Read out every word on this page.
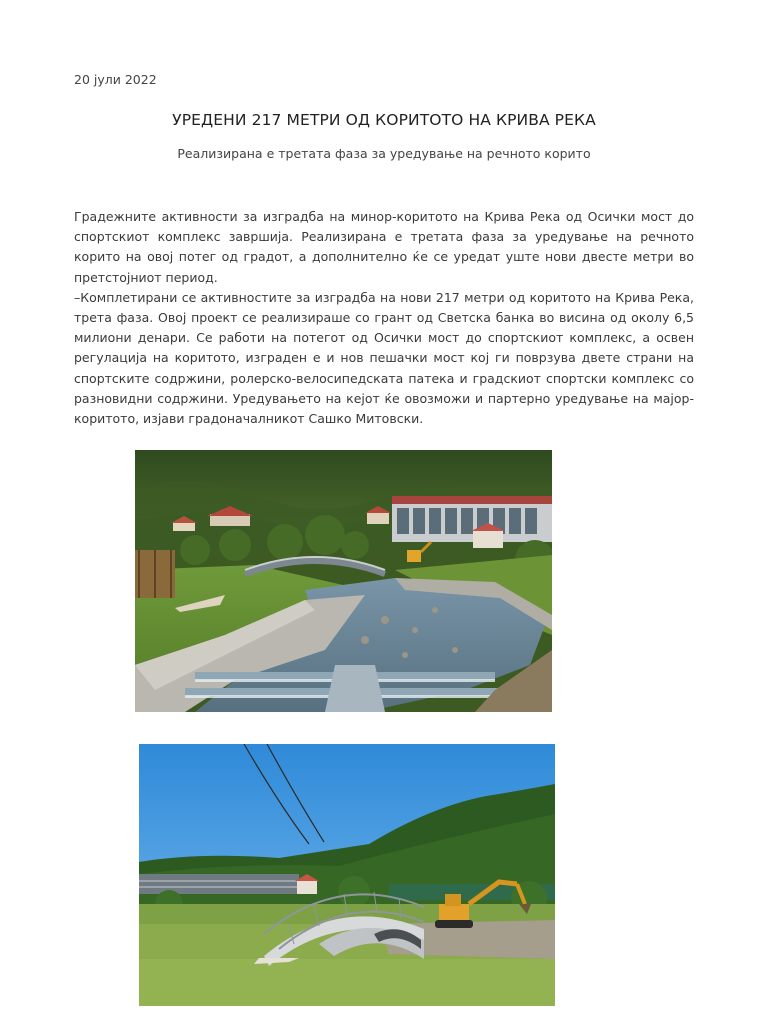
20 јули 2022
УРЕДЕНИ 217 МЕТРИ ОД КОРИТОТО НА КРИВА РЕКА
Реализирана е третата фаза за уредување на речното корито

Градежните активности за изградба на минор-коритото на Крива Река од Осички мост до спортскиот комплекс завршија. Реализирана е третата фаза за уредување на речното корито на овој потег од градот, а дополнително ќе се уредат уште нови двесте метри во претстојниот период.

–Комплетирани се активностите за изградба на нови 217 метри од коритото на Крива Река, трета фаза. Овој проект се реализираше со грант од Светска банка во висина од околу 6,5 милиони денари. Се работи на потегот од Осички мост до спортскиот комплекс, а освен регулација на коритото, изграден е и нов пешачки мост кој ги поврзува двете страни на спортските содржини, ролерско-велосипедската патека и градскиот спортски комплекс со разновидни содржини. Уредувањето на кејот ќе овозможи и партерно уредување на мајор-коритото, изјави градоначалникот Сашко Митовски.
